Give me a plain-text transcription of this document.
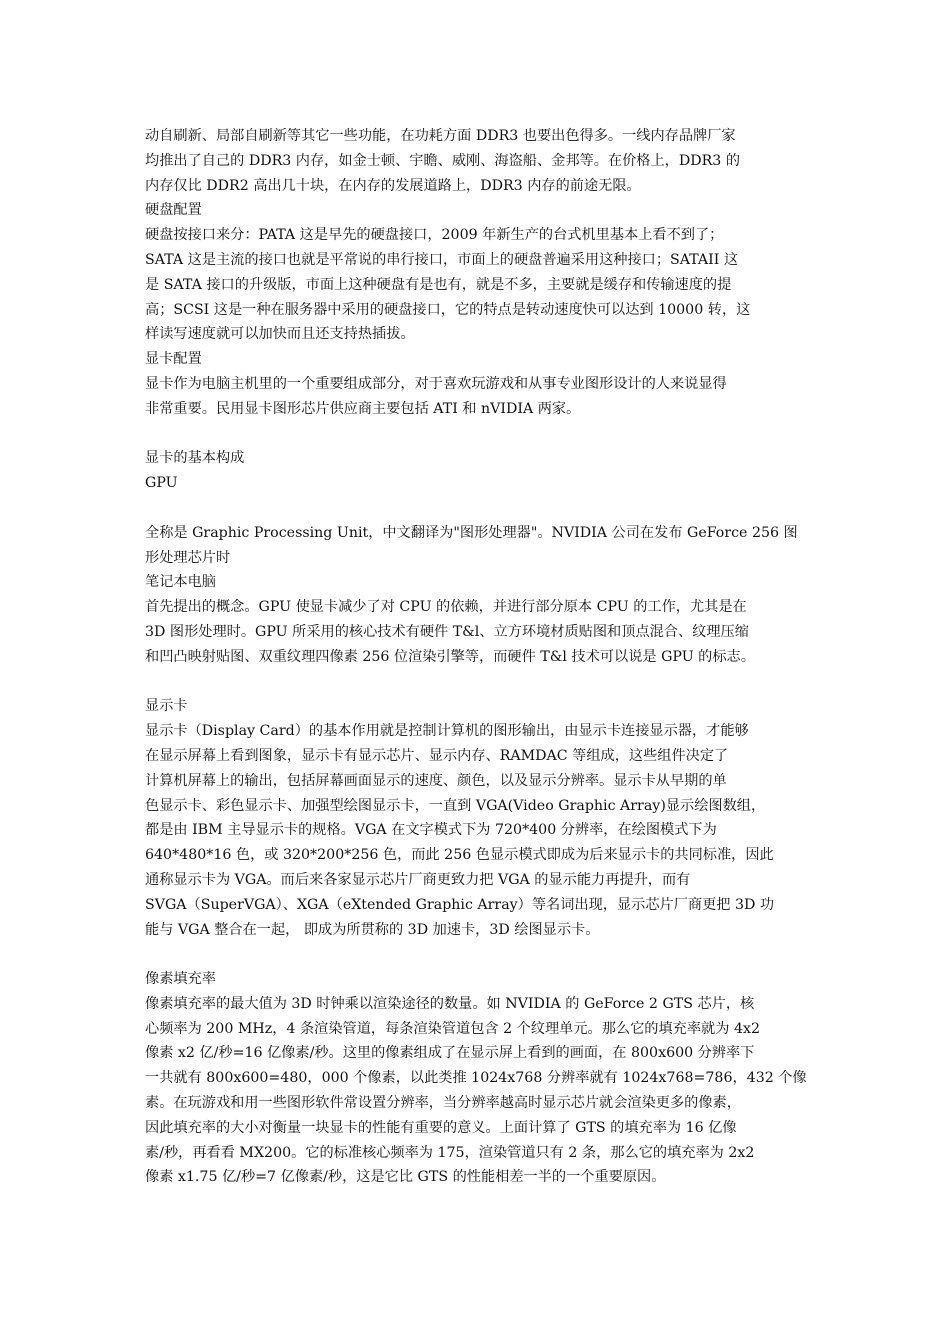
动自刷新、局部自刷新等其它一些功能，在功耗方面 DDR3 也要出色得多。一线内存品牌厂家
均推出了自己的 DDR3 内存，如金士顿、宇瞻、威刚、海盗船、金邦等。在价格上，DDR3 的
内存仅比 DDR2 高出几十块，在内存的发展道路上，DDR3 内存的前途无限。
硬盘配置
硬盘按接口来分：PATA 这是早先的硬盘接口，2009 年新生产的台式机里基本上看不到了；
SATA 这是主流的接口也就是平常说的串行接口，市面上的硬盘普遍采用这种接口；SATAII 这
是 SATA 接口的升级版，市面上这种硬盘有是也有，就是不多，主要就是缓存和传输速度的提
高；SCSI 这是一种在服务器中采用的硬盘接口，它的特点是转动速度快可以达到 10000 转，这
样读写速度就可以加快而且还支持热插拔。
显卡配置
显卡作为电脑主机里的一个重要组成部分，对于喜欢玩游戏和从事专业图形设计的人来说显得
非常重要。民用显卡图形芯片供应商主要包括 ATI 和 nVIDIA 两家。
显卡的基本构成
GPU
全称是 Graphic Processing Unit，中文翻译为"图形处理器"。NVIDIA 公司在发布 GeForce 256 图
形处理芯片时
笔记本电脑
首先提出的概念。GPU 使显卡减少了对 CPU 的依赖，并进行部分原本 CPU 的工作，尤其是在
3D 图形处理时。GPU 所采用的核心技术有硬件 T&l、立方环境材质贴图和顶点混合、纹理压缩
和凹凸映射贴图、双重纹理四像素 256 位渲染引擎等，而硬件 T&l 技术可以说是 GPU 的标志。
显示卡
显示卡（Display Card）的基本作用就是控制计算机的图形输出，由显示卡连接显示器，才能够
在显示屏幕上看到图象，显示卡有显示芯片、显示内存、RAMDAC 等组成，这些组件决定了
计算机屏幕上的输出，包括屏幕画面显示的速度、颜色，以及显示分辨率。显示卡从早期的单
色显示卡、彩色显示卡、加强型绘图显示卡，一直到 VGA(Video Graphic Array)显示绘图数组，
都是由 IBM 主导显示卡的规格。VGA 在文字模式下为 720*400 分辨率，在绘图模式下为
640*480*16 色，或 320*200*256 色，而此 256 色显示模式即成为后来显示卡的共同标准，因此
通称显示卡为 VGA。而后来各家显示芯片厂商更致力把 VGA 的显示能力再提升，而有
SVGA（SuperVGA）、XGA（eXtended Graphic Array）等名词出现，显示芯片厂商更把 3D 功
能与 VGA 整合在一起， 即成为所贯称的 3D 加速卡，3D 绘图显示卡。
像素填充率
像素填充率的最大值为 3D 时钟乘以渲染途径的数量。如 NVIDIA 的 GeForce 2 GTS 芯片，核
心频率为 200 MHz，4 条渲染管道，每条渲染管道包含 2 个纹理单元。那么它的填充率就为 4x2
像素 x2 亿/秒=16 亿像素/秒。这里的像素组成了在显示屏上看到的画面，在 800x600 分辨率下
一共就有 800x600=480，000 个像素，以此类推 1024x768 分辨率就有 1024x768=786，432 个像
素。在玩游戏和用一些图形软件常设置分辨率，当分辨率越高时显示芯片就会渲染更多的像素，
因此填充率的大小对衡量一块显卡的性能有重要的意义。上面计算了 GTS 的填充率为 16 亿像
素/秒，再看看 MX200。它的标准核心频率为 175，渲染管道只有 2 条，那么它的填充率为 2x2
像素 x1.75 亿/秒=7 亿像素/秒，这是它比 GTS 的性能相差一半的一个重要原因。
